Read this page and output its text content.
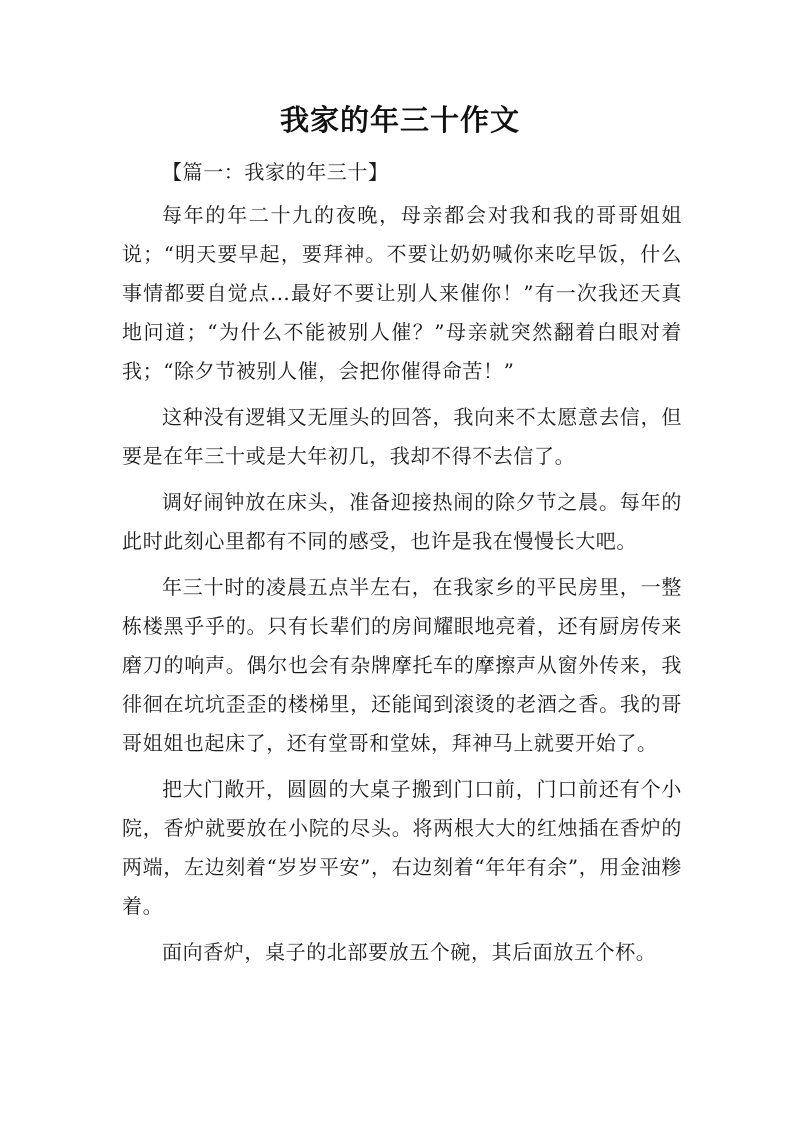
我家的年三十作文

【篇一：我家的年三十】

每年的年二十九的夜晚，母亲都会对我和我的哥哥姐姐说；“明天要早起，要拜神。不要让奶奶喊你来吃早饭，什么事情都要自觉点…最好不要让别人来催你！”有一次我还天真地问道；“为什么不能被别人催？”母亲就突然翻着白眼对着我；“除夕节被别人催，会把你催得命苦！”

这种没有逻辑又无厘头的回答，我向来不太愿意去信，但要是在年三十或是大年初几，我却不得不去信了。

调好闹钟放在床头，准备迎接热闹的除夕节之晨。每年的此时此刻心里都有不同的感受，也许是我在慢慢长大吧。

年三十时的凌晨五点半左右，在我家乡的平民房里，一整栋楼黑乎乎的。只有长辈们的房间耀眼地亮着，还有厨房传来磨刀的响声。偶尔也会有杂牌摩托车的摩擦声从窗外传来，我徘徊在坑坑歪歪的楼梯里，还能闻到滚烫的老酒之香。我的哥哥姐姐也起床了，还有堂哥和堂妹，拜神马上就要开始了。

把大门敞开，圆圆的大桌子搬到门口前，门口前还有个小院，香炉就要放在小院的尽头。将两根大大的红烛插在香炉的两端，左边刻着“岁岁平安”，右边刻着“年年有余”，用金油糁着。

面向香炉，桌子的北部要放五个碗，其后面放五个杯。
